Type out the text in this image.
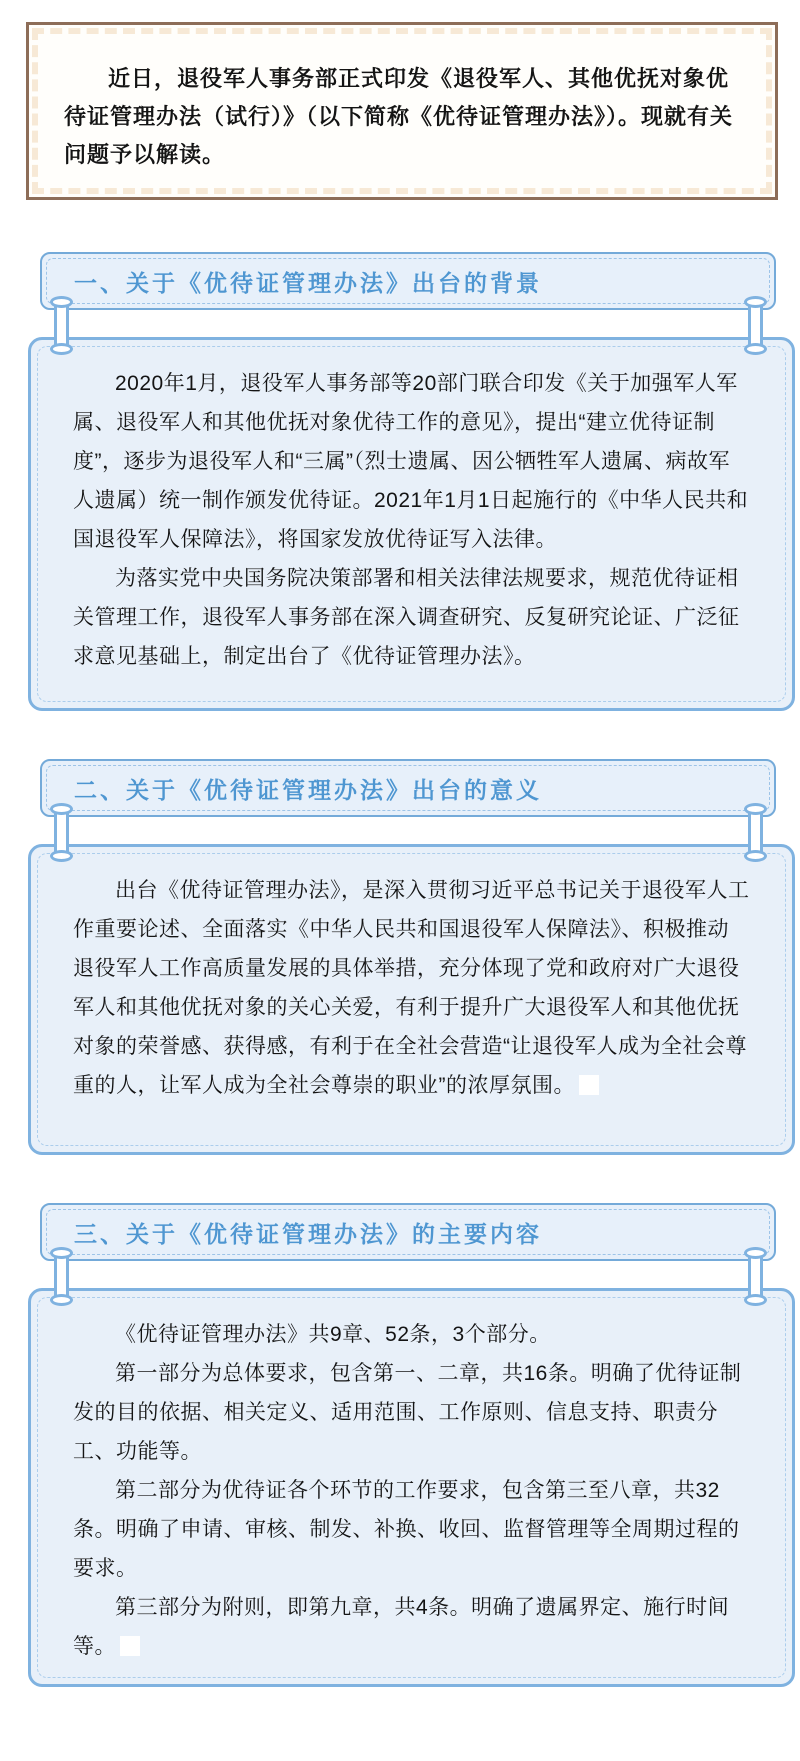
近日，退役军人事务部正式印发《退役军人、其他优抚对象优待证管理办法（试行）》（以下简称《优待证管理办法》）。现就有关问题予以解读。

一、关于《优待证管理办法》出台的背景

2020年1月，退役军人事务部等20部门联合印发《关于加强军人军属、退役军人和其他优抚对象优待工作的意见》，提出“建立优待证制度”，逐步为退役军人和“三属”（烈士遗属、因公牺牲军人遗属、病故军人遗属）统一制作颁发优待证。2021年1月1日起施行的《中华人民共和国退役军人保障法》，将国家发放优待证写入法律。

为落实党中央国务院决策部署和相关法律法规要求，规范优待证相关管理工作，退役军人事务部在深入调查研究、反复研究论证、广泛征求意见基础上，制定出台了《优待证管理办法》。

二、关于《优待证管理办法》出台的意义

出台《优待证管理办法》，是深入贯彻习近平总书记关于退役军人工作重要论述、全面落实《中华人民共和国退役军人保障法》、积极推动退役军人工作高质量发展的具体举措，充分体现了党和政府对广大退役军人和其他优抚对象的关心关爱，有利于提升广大退役军人和其他优抚对象的荣誉感、获得感，有利于在全社会营造“让退役军人成为全社会尊重的人，让军人成为全社会尊崇的职业”的浓厚氛围。

三、关于《优待证管理办法》的主要内容

《优待证管理办法》共9章、52条，3个部分。

第一部分为总体要求，包含第一、二章，共16条。明确了优待证制发的目的依据、相关定义、适用范围、工作原则、信息支持、职责分工、功能等。

第二部分为优待证各个环节的工作要求，包含第三至八章，共32条。明确了申请、审核、制发、补换、收回、监督管理等全周期过程的要求。

第三部分为附则，即第九章，共4条。明确了遗属界定、施行时间等。
